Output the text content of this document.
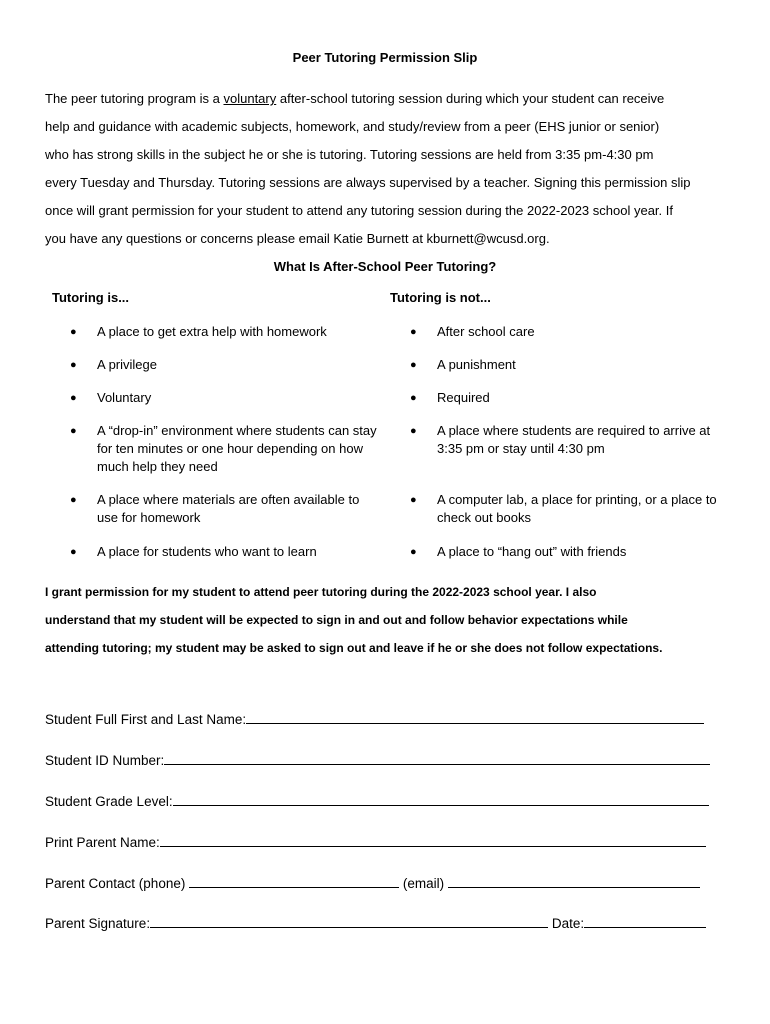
Peer Tutoring Permission Slip
The peer tutoring program is a voluntary after-school tutoring session during which your student can receive
help and guidance with academic subjects, homework, and study/review from a peer (EHS junior or senior)
who has strong skills in the subject he or she is tutoring. Tutoring sessions are held from 3:35 pm-4:30 pm
every Tuesday and Thursday. Tutoring sessions are always supervised by a teacher. Signing this permission slip
once will grant permission for your student to attend any tutoring session during the 2022-2023 school year. If
you have any questions or concerns please email Katie Burnett at kburnett@wcusd.org.
What Is After-School Peer Tutoring?
Tutoring is...	Tutoring is not...
● A place to get extra help with homework
● A privilege
● Voluntary
● A “drop-in” environment where students can stay for ten minutes or one hour depending on how much help they need
● A place where materials are often available to use for homework
● A place for students who want to learn
● After school care
● A punishment
● Required
● A place where students are required to arrive at 3:35 pm or stay until 4:30 pm
● A computer lab, a place for printing, or a place to check out books
● A place to “hang out” with friends
I grant permission for my student to attend peer tutoring during the 2022-2023 school year. I also
understand that my student will be expected to sign in and out and follow behavior expectations while
attending tutoring; my student may be asked to sign out and leave if he or she does not follow expectations.
Student Full First and Last Name:
Student ID Number:
Student Grade Level:
Print Parent Name:
Parent Contact (phone)	(email)
Parent Signature:	Date:
